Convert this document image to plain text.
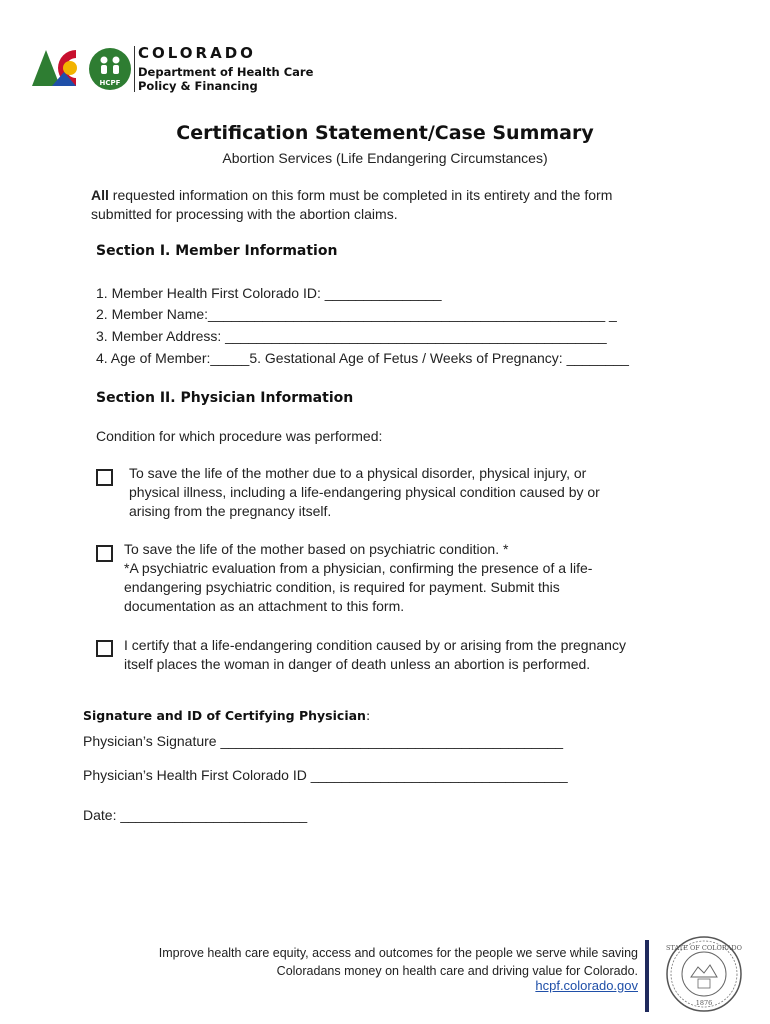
HCPF
COLORADO
Department of Health Care
Policy & Financing
Certification Statement/Case Summary
Abortion Services (Life Endangering Circumstances)
All requested information on this form must be completed in its entirety and the form
submitted for processing with the abortion claims.
Section I. Member Information
1. Member Health First Colorado ID: _______________
2. Member Name:___________________________________________________ _
3. Member Address: _________________________________________________
4. Age of Member:_____5. Gestational Age of Fetus / Weeks of Pregnancy: ________
Section II. Physician Information
Condition for which procedure was performed:
To save the life of the mother due to a physical disorder, physical injury, or
physical illness, including a life-endangering physical condition caused by or
arising from the pregnancy itself.
To save the life of the mother based on psychiatric condition. *
*A psychiatric evaluation from a physician, confirming the presence of a life-
endangering psychiatric condition, is required for payment. Submit this
documentation as an attachment to this form.
I certify that a life-endangering condition caused by or arising from the pregnancy
itself places the woman in danger of death unless an abortion is performed.
Signature and ID of Certifying Physician:
Physician’s Signature ____________________________________________
Physician’s Health First Colorado ID _________________________________
Date: ________________________
Improve health care equity, access and outcomes for the people we serve while saving
Coloradans money on health care and driving value for Colorado.
hcpf.colorado.gov
STATE OF COLORADO
1876
